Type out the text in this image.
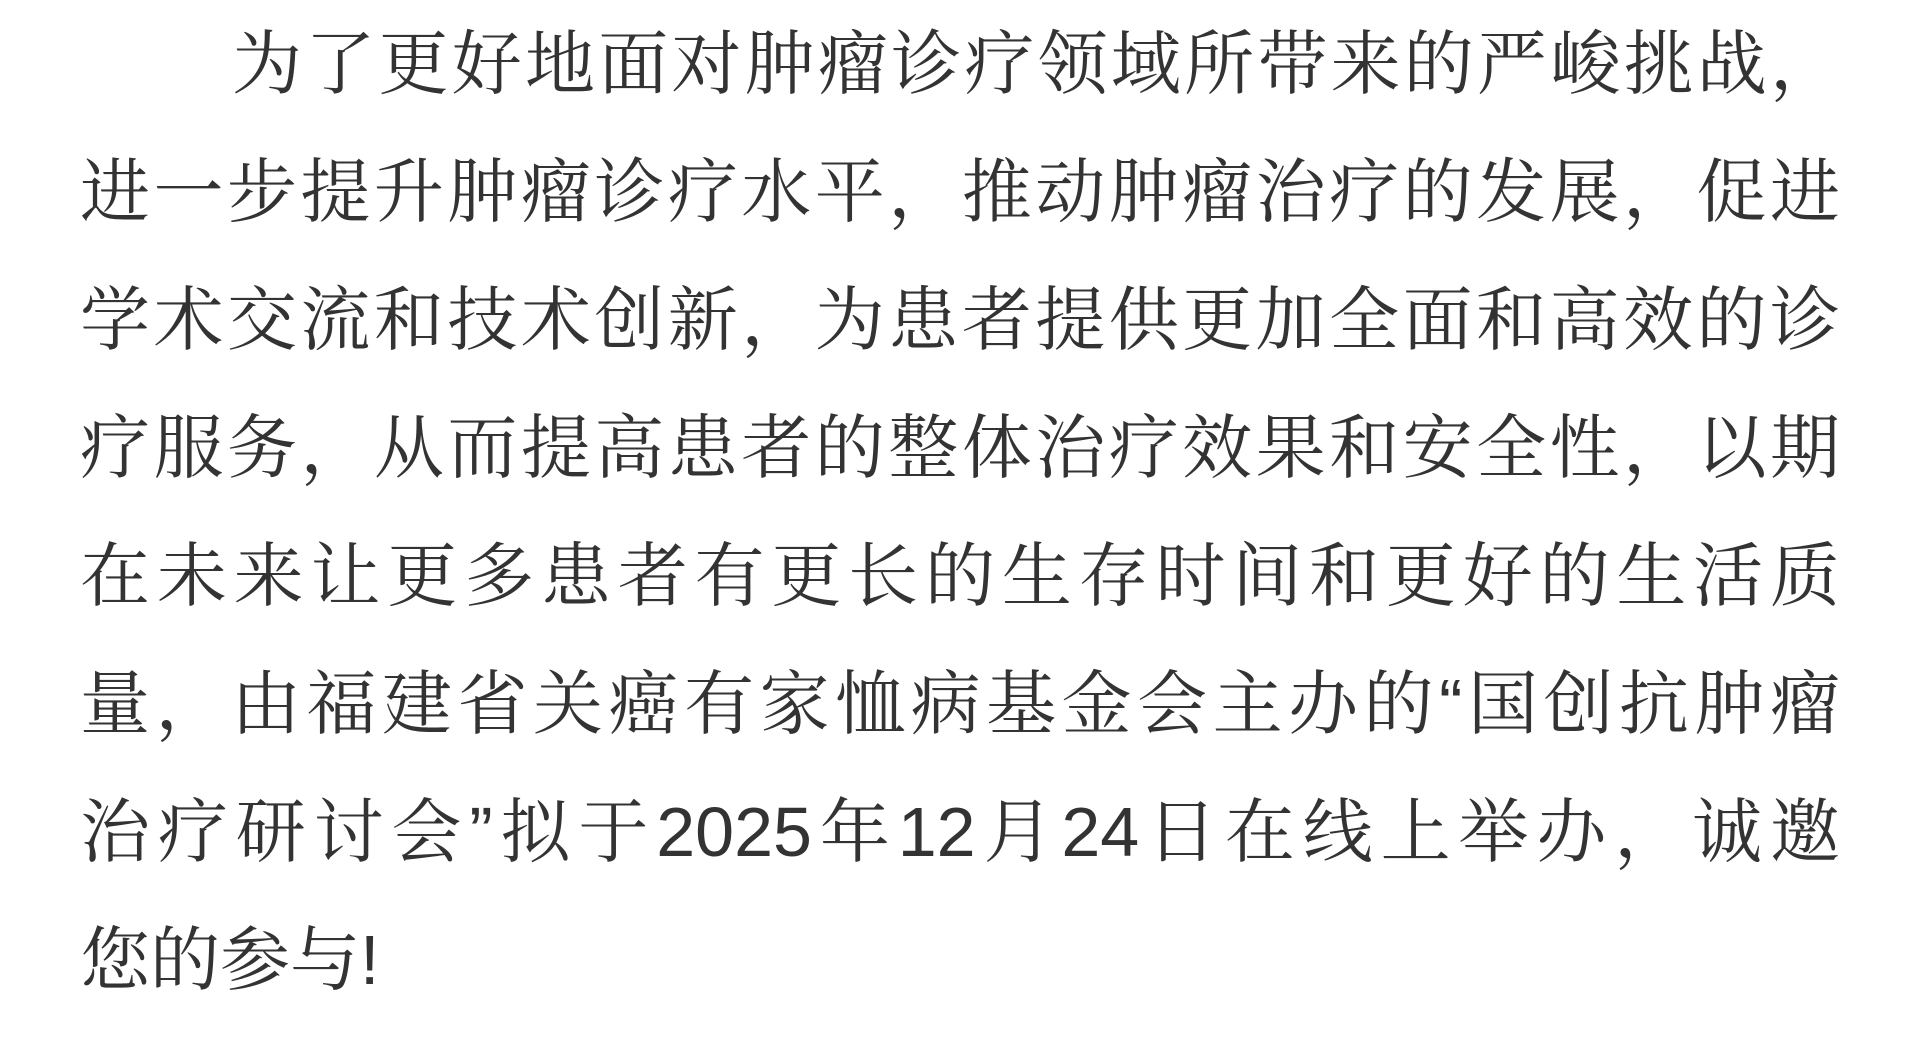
为了更好地面对肿瘤诊疗领域所带来的严峻挑战，
进一步提升肿瘤诊疗水平，推动肿瘤治疗的发展，促进
学术交流和技术创新，为患者提供更加全面和高效的诊
疗服务，从而提高患者的整体治疗效果和安全性，以期
在未来让更多患者有更长的生存时间和更好的生活质
量，由福建省关癌有家恤病基金会主办的“国创抗肿瘤
治疗研讨会”拟于2025年12月24日在线上举办，诚邀
您的参与!
